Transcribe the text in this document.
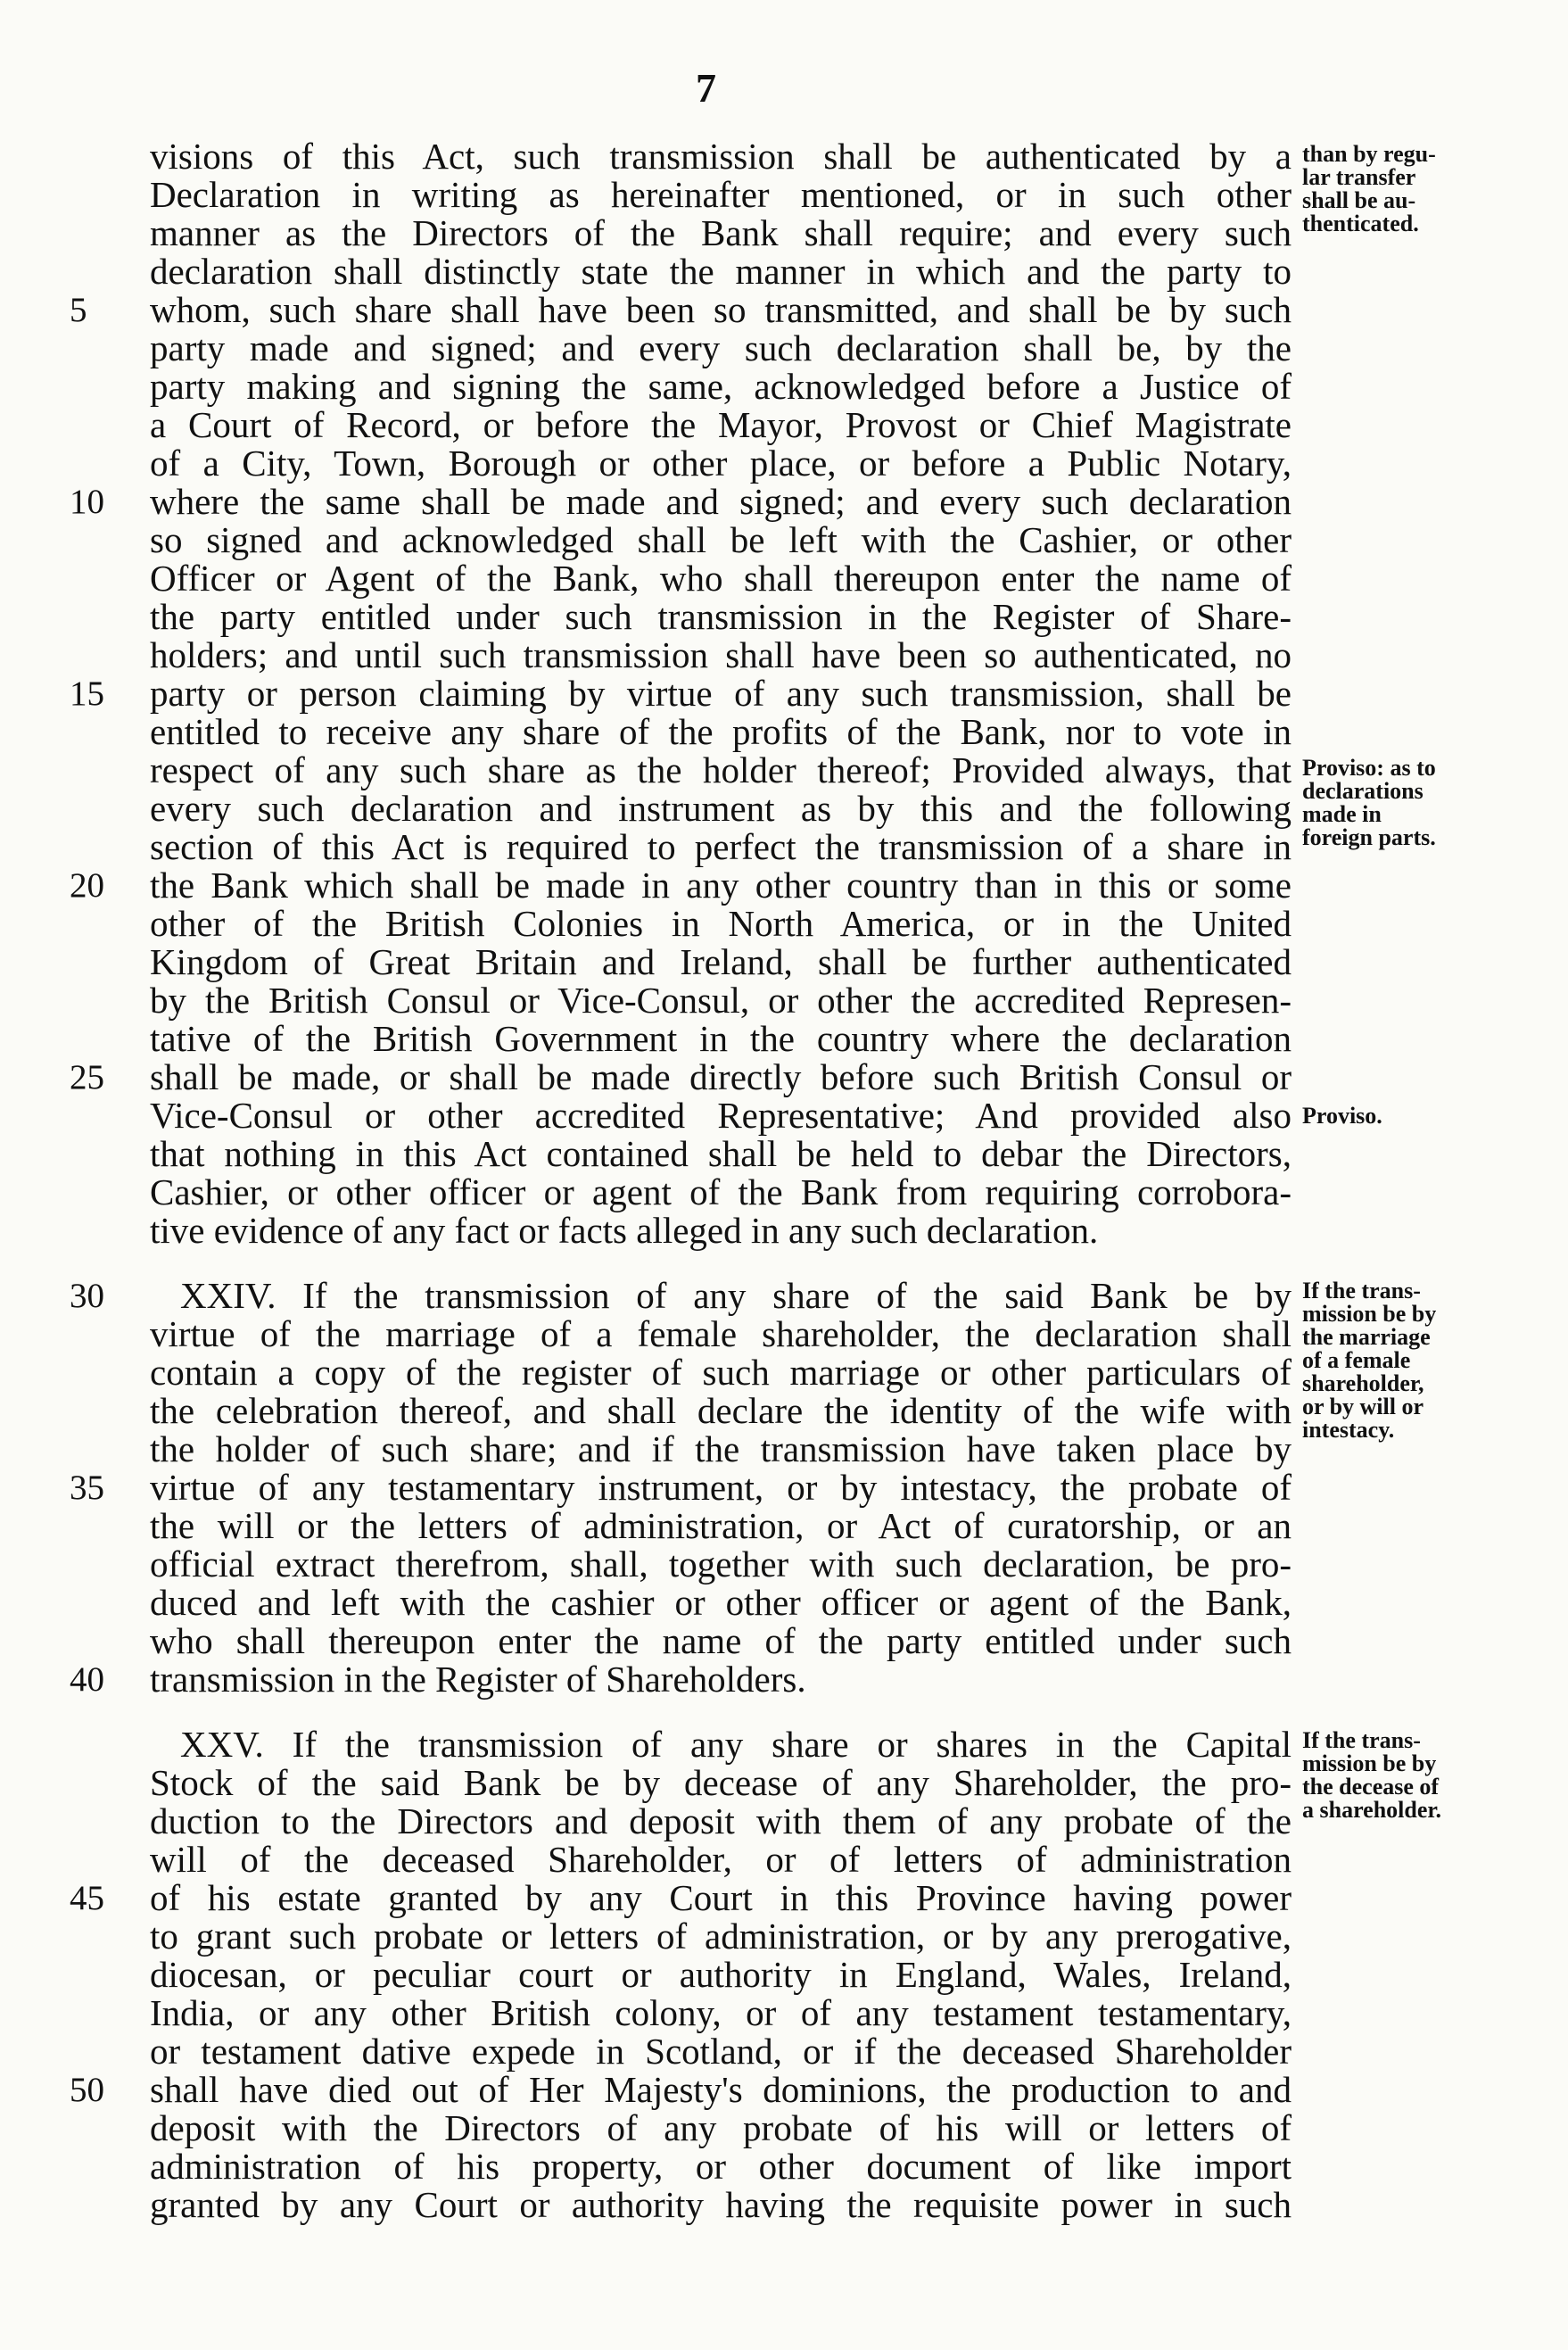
7
visions of this Act, such transmission shall be authenticated by a
Declaration in writing as hereinafter mentioned, or in such other
manner as the Directors of the Bank shall require; and every such
declaration shall distinctly state the manner in which and the party to
whom, such share shall have been so transmitted, and shall be by such
party made and signed; and every such declaration shall be, by the
party making and signing the same, acknowledged before a Justice of
a Court of Record, or before the Mayor, Provost or Chief Magistrate
of a City, Town, Borough or other place, or before a Public Notary,
where the same shall be made and signed; and every such declaration
so signed and acknowledged shall be left with the Cashier, or other
Officer or Agent of the Bank, who shall thereupon enter the name of
the party entitled under such transmission in the Register of Share-
holders; and until such transmission shall have been so authenticated, no
party or person claiming by virtue of any such transmission, shall be
entitled to receive any share of the profits of the Bank, nor to vote in
respect of any such share as the holder thereof; Provided always, that
every such declaration and instrument as by this and the following
section of this Act is required to perfect the transmission of a share in
the Bank which shall be made in any other country than in this or some
other of the British Colonies in North America, or in the United
Kingdom of Great Britain and Ireland, shall be further authenticated
by the British Consul or Vice-Consul, or other the accredited Represen-
tative of the British Government in the country where the declaration
shall be made, or shall be made directly before such British Consul or
Vice-Consul or other accredited Representative; And provided also
that nothing in this Act contained shall be held to debar the Directors,
Cashier, or other officer or agent of the Bank from requiring corrobora-
tive evidence of any fact or facts alleged in any such declaration.
XXIV. If the transmission of any share of the said Bank be by
virtue of the marriage of a female shareholder, the declaration shall
contain a copy of the register of such marriage or other particulars of
the celebration thereof, and shall declare the identity of the wife with
the holder of such share; and if the transmission have taken place by
virtue of any testamentary instrument, or by intestacy, the probate of
the will or the letters of administration, or Act of curatorship, or an
official extract therefrom, shall, together with such declaration, be pro-
duced and left with the cashier or other officer or agent of the Bank,
who shall thereupon enter the name of the party entitled under such
transmission in the Register of Shareholders.
XXV. If the transmission of any share or shares in the Capital
Stock of the said Bank be by decease of any Shareholder, the pro-
duction to the Directors and deposit with them of any probate of the
will of the deceased Shareholder, or of letters of administration
of his estate granted by any Court in this Province having power
to grant such probate or letters of administration, or by any prerogative,
diocesan, or peculiar court or authority in England, Wales, Ireland,
India, or any other British colony, or of any testament testamentary,
or testament dative expede in Scotland, or if the deceased Shareholder
shall have died out of Her Majesty's dominions, the production to and
deposit with the Directors of any probate of his will or letters of
administration of his property, or other document of like import
granted by any Court or authority having the requisite power in such
5
10
15
20
25
30
35
40
45
50
than by regu-
lar transfer
shall be au-
thenticated.
Proviso: as to
declarations
made in
foreign parts.
Proviso.
If the trans-
mission be by
the marriage
of a female
shareholder,
or by will or
intestacy.
If the trans-
mission be by
the decease of
a shareholder.
